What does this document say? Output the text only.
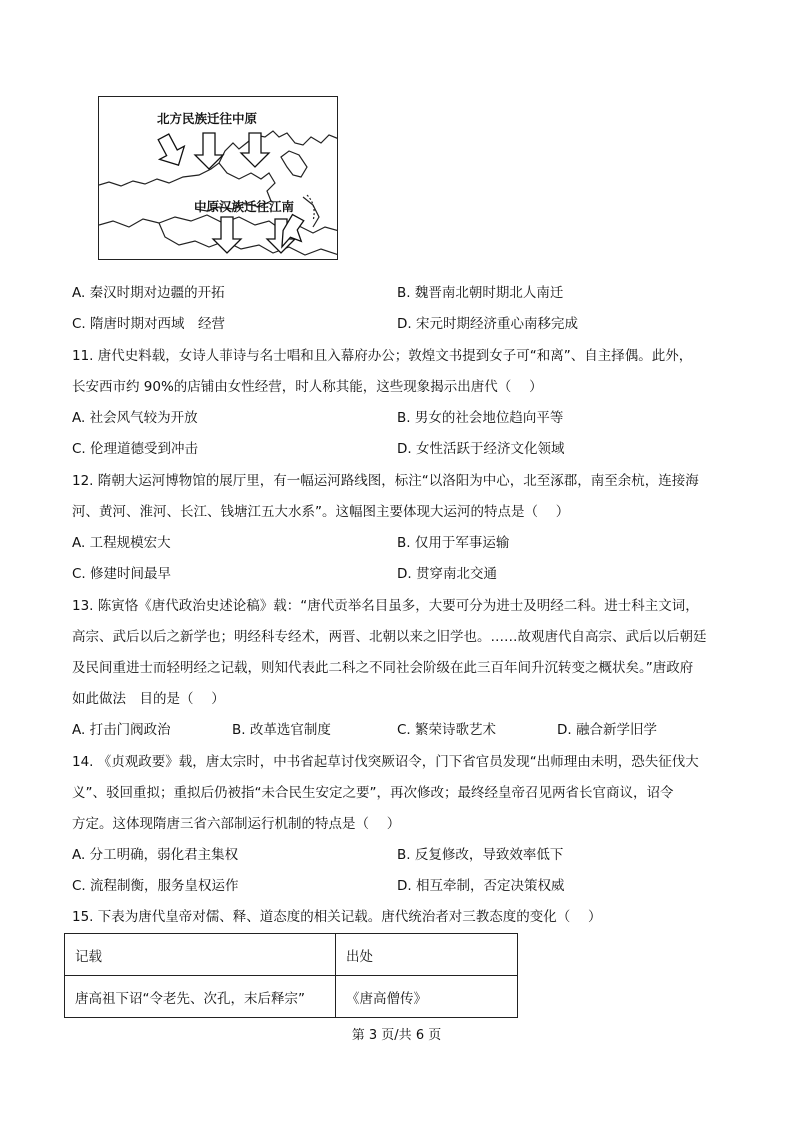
北方民族迁往中原
中原汉族迁往江南
A. 秦汉时期对边疆的开拓	B. 魏晋南北朝时期北人南迁
C. 隋唐时期对西域　经营	D. 宋元时期经济重心南移完成
11. 唐代史料载，女诗人菲诗与名士唱和且入幕府办公；敦煌文书提到女子可“和离”、自主择偶。此外，
长安西市约 90%的店铺由女性经营，时人称其能，这些现象揭示出唐代（　 ）
A. 社会风气较为开放	B. 男女的社会地位趋向平等
C. 伦理道德受到冲击	D. 女性活跃于经济文化领域
12. 隋朝大运河博物馆的展厅里，有一幅运河路线图，标注“以洛阳为中心，北至涿郡，南至余杭，连接海
河、黄河、淮河、长江、钱塘江五大水系”。这幅图主要体现大运河的特点是（　 ）
A. 工程规模宏大	B. 仅用于军事运输
C. 修建时间最早	D. 贯穿南北交通
13. 陈寅恪《唐代政治史述论稿》载：“唐代贡举名目虽多，大要可分为进士及明经二科。进士科主文词，
高宗、武后以后之新学也；明经科专经术，两晋、北朝以来之旧学也。……故观唐代自高宗、武后以后朝廷
及民间重进士而轻明经之记载，则知代表此二科之不同社会阶级在此三百年间升沉转变之概状矣。”唐政府
如此做法　目的是（　 ）
A. 打击门阀政治	B. 改革选官制度	C. 繁荣诗歌艺术	D. 融合新学旧学
14. 《贞观政要》载，唐太宗时，中书省起草讨伐突厥诏令，门下省官员发现“出师理由未明，恐失征伐大
义”、驳回重拟；重拟后仍被指“未合民生安定之要”，再次修改；最终经皇帝召见两省长官商议，诏令
方定。这体现隋唐三省六部制运行机制的特点是（　 ）
A. 分工明确，弱化君主集权	B. 反复修改，导致效率低下
C. 流程制衡，服务皇权运作	D. 相互牵制，否定决策权威
15. 下表为唐代皇帝对儒、释、道态度的相关记载。唐代统治者对三教态度的变化（　 ）
记载	出处
唐高祖下诏“令老先、次孔，末后释宗”	《唐高僧传》
第 3 页/共 6 页
